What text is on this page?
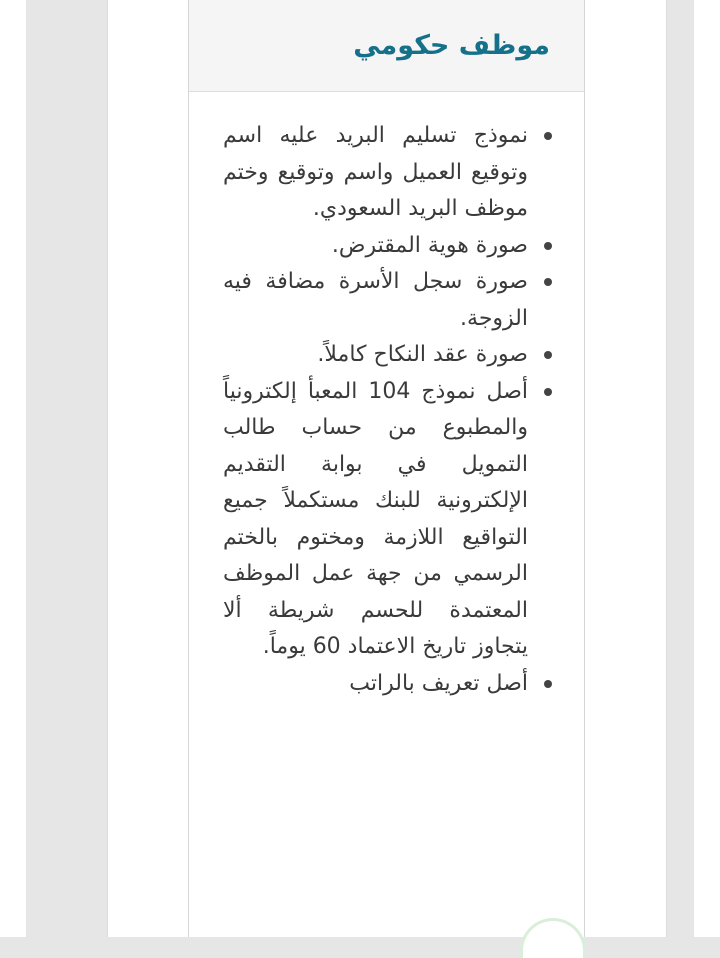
موظف حكومي
نموذج تسليم البريد عليه اسم وتوقيع العميل واسم وتوقيع وختم موظف البريد السعودي.
صورة هوية المقترض.
صورة سجل الأسرة مضافة فيه الزوجة.
صورة عقد النكاح كاملاً.
أصل نموذج 104 المعبأ إلكترونياً والمطبوع من حساب طالب التمويل في بوابة التقديم الإلكترونية للبنك مستكملاً جميع التواقيع اللازمة ومختوم بالختم الرسمي من جهة عمل الموظف المعتمدة للحسم شريطة ألا يتجاوز تاريخ الاعتماد 60 يوماً.
أصل تعريف بالراتب
